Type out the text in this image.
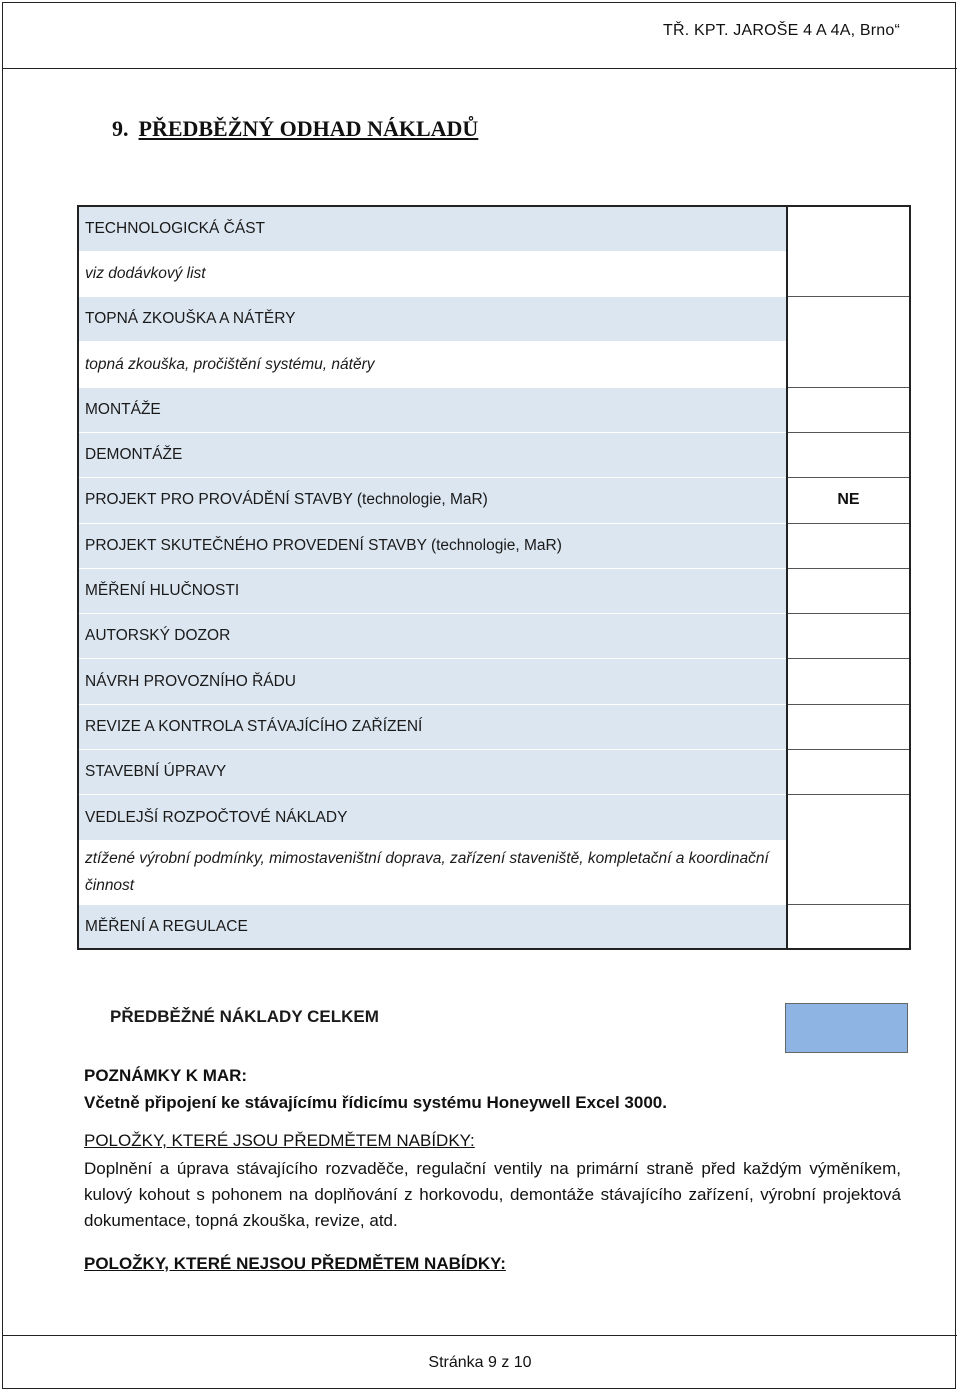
TŘ. KPT. JAROŠE 4 A 4A, Brno“
9. PŘEDBĚŽNÝ ODHAD NÁKLADŮ
TECHNOLOGICKÁ ČÁST		
viz dodávkový list	
TOPNÁ ZKOUŠKA A NÁTĚRY		
topná zkouška, pročištění systému, nátěry	
MONTÁŽE		
DEMONTÁŽE		
PROJEKT PRO PROVÁDĚNÍ STAVBY (technologie, MaR)		NE
PROJEKT SKUTEČNÉHO PROVEDENÍ STAVBY (technologie, MaR)		
MĚŘENÍ HLUČNOSTI		
AUTORSKÝ DOZOR		
NÁVRH PROVOZNÍHO ŘÁDU		
REVIZE A KONTROLA STÁVAJÍCÍHO ZAŘÍZENÍ		
STAVEBNÍ ÚPRAVY		
VEDLEJŠÍ ROZPOČTOVÉ NÁKLADY		
ztížené výrobní podmínky, mimostaveništní doprava, zařízení staveniště, kompletační a koordinační činnost	
MĚŘENÍ A REGULACE		
PŘEDBĚŽNÉ NÁKLADY CELKEM
POZNÁMKY K MAR:
Včetně připojení ke stávajícímu řídicímu systému Honeywell Excel 3000.
POLOŽKY, KTERÉ JSOU PŘEDMĚTEM NABÍDKY:
Doplnění a úprava stávajícího rozvaděče, regulační ventily na primární straně před každým výměníkem, kulový kohout s pohonem na doplňování z horkovodu, demontáže stávajícího zařízení, výrobní projektová dokumentace, topná zkouška, revize, atd.
POLOŽKY, KTERÉ NEJSOU PŘEDMĚTEM NABÍDKY:
Stránka 9 z 10
